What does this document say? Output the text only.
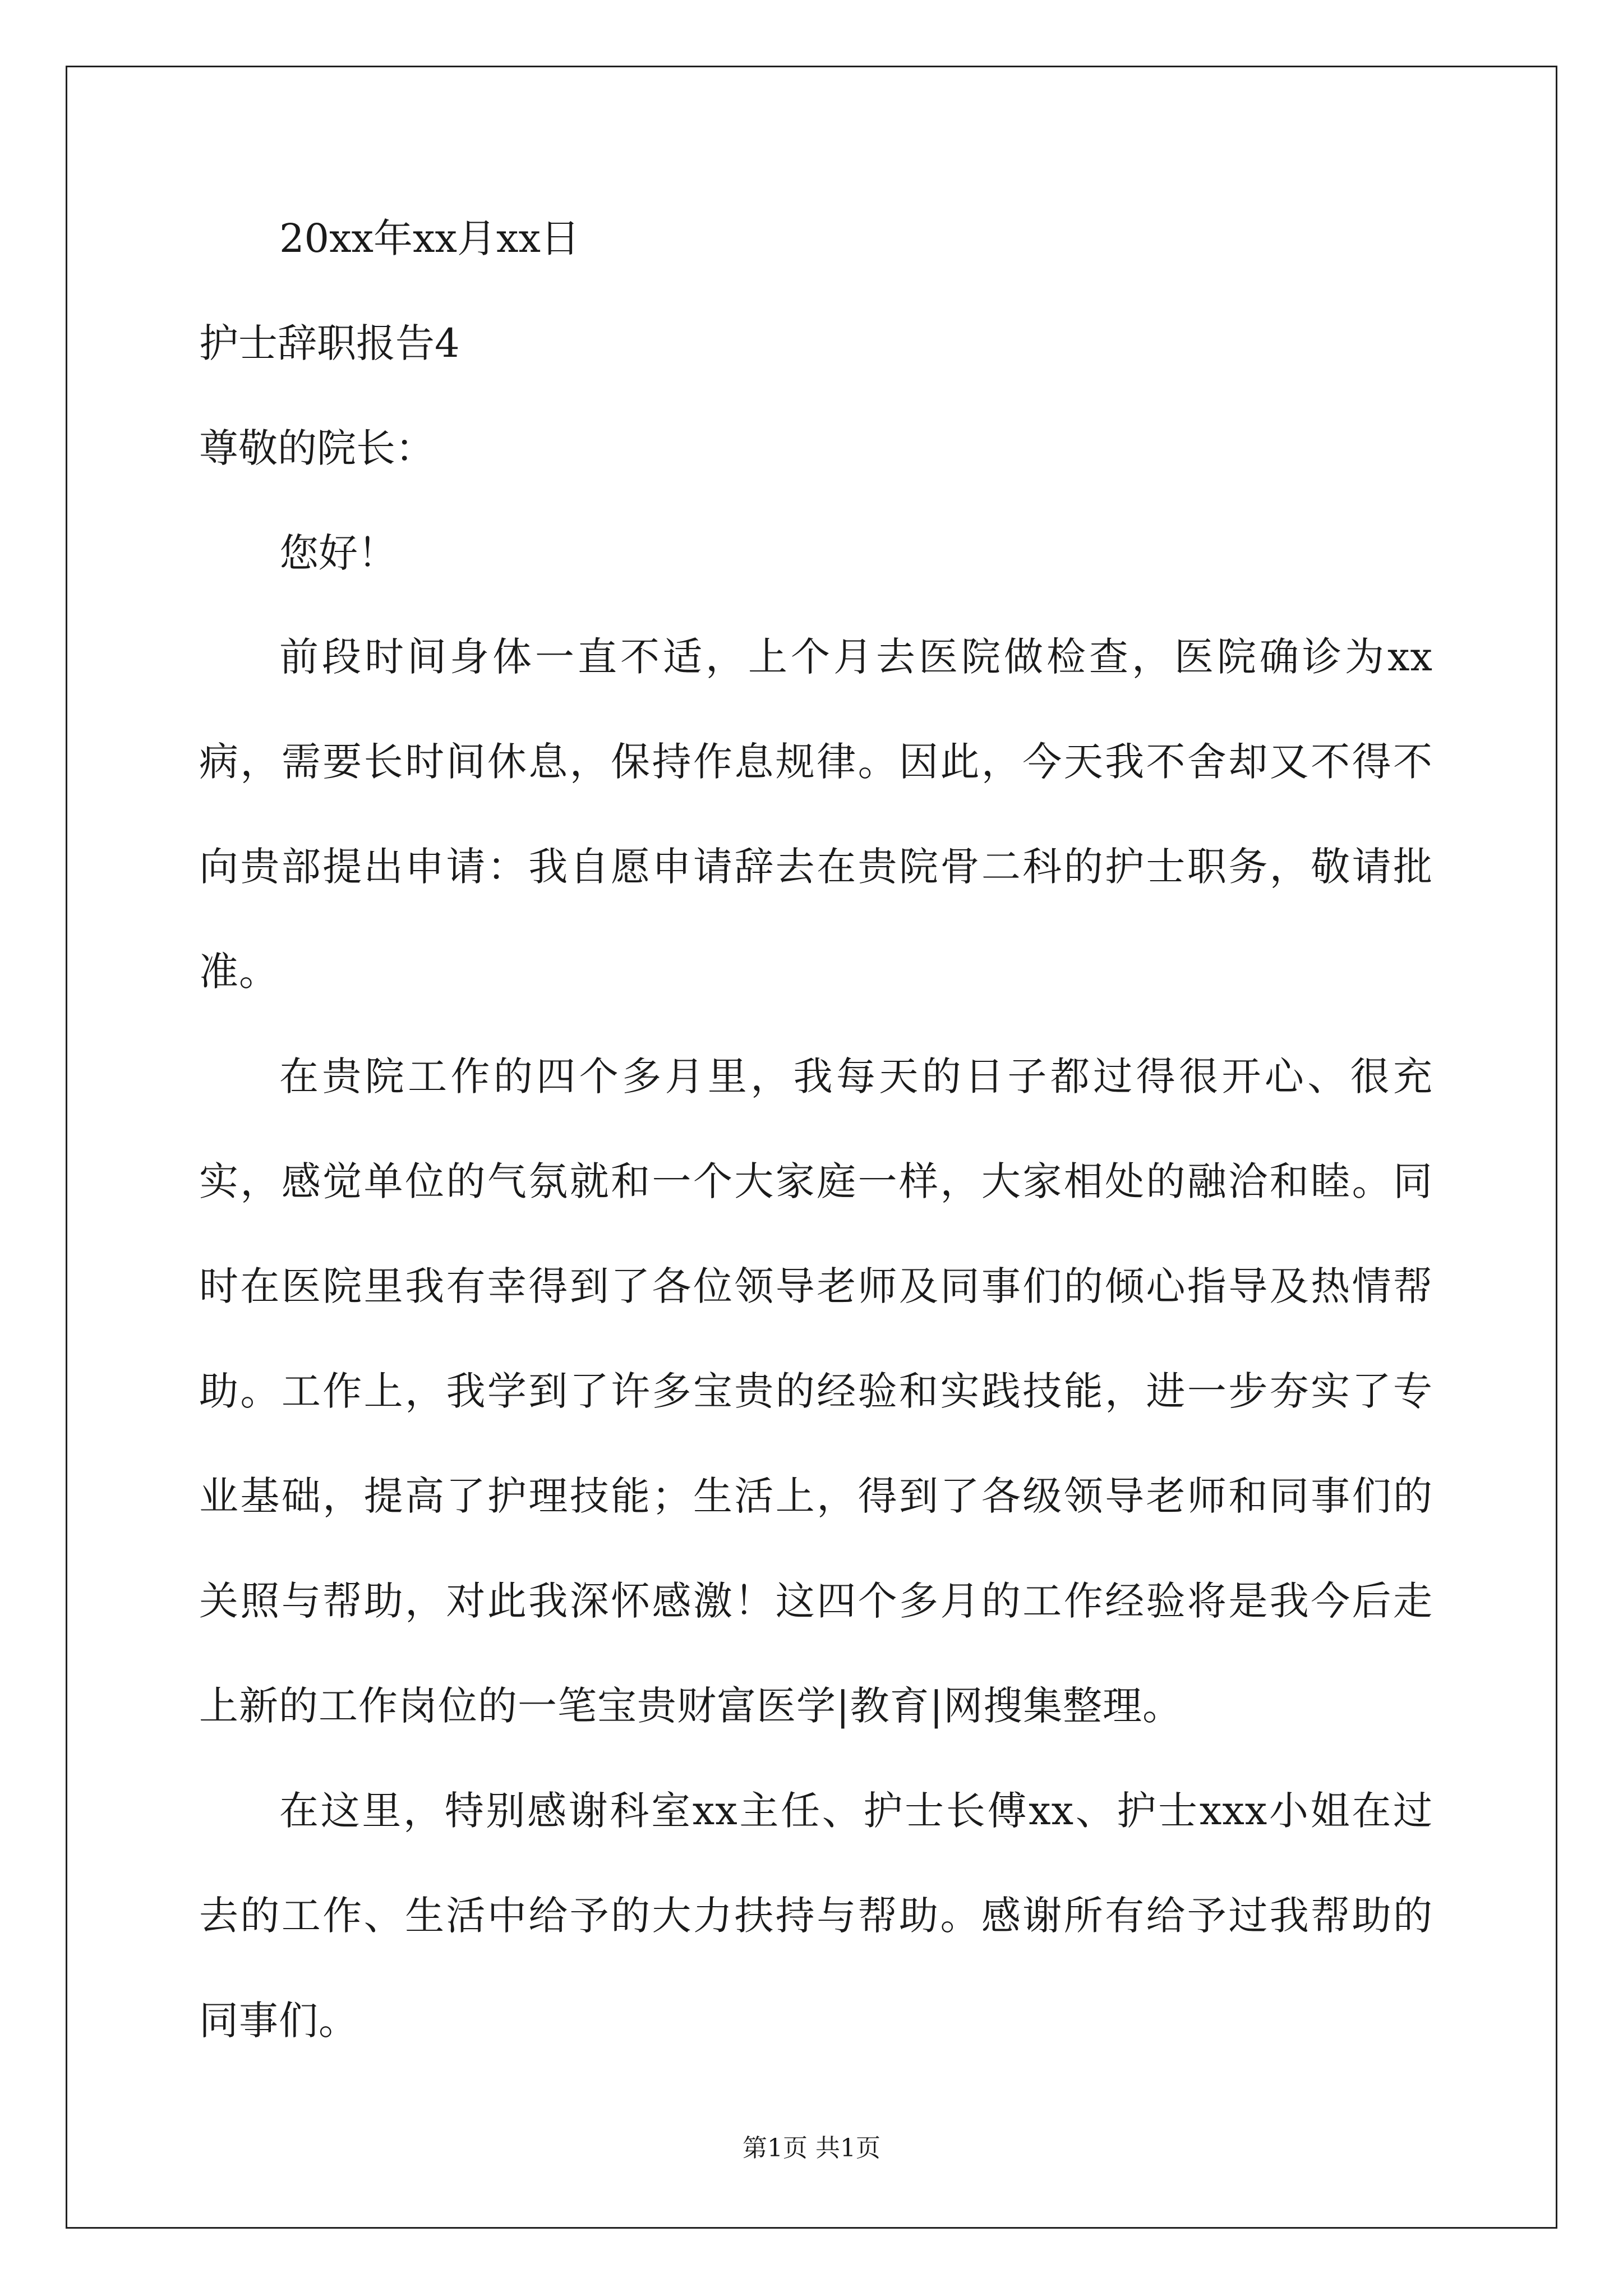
20xx年xx月xx日

护士辞职报告4

尊敬的院长：

您好！

前段时间身体一直不适，上个月去医院做检查，医院确诊为xx病，需要长时间休息，保持作息规律。因此，今天我不舍却又不得不向贵部提出申请：我自愿申请辞去在贵院骨二科的护士职务，敬请批准。

在贵院工作的四个多月里，我每天的日子都过得很开心、很充实，感觉单位的气氛就和一个大家庭一样，大家相处的融洽和睦。同时在医院里我有幸得到了各位领导老师及同事们的倾心指导及热情帮助。工作上，我学到了许多宝贵的经验和实践技能，进一步夯实了专业基础，提高了护理技能；生活上，得到了各级领导老师和同事们的关照与帮助，对此我深怀感激！这四个多月的工作经验将是我今后走上新的工作岗位的一笔宝贵财富医学|教育|网搜集整理。

在这里，特别感谢科室xx主任、护士长傅xx、护士xxx小姐在过去的工作、生活中给予的大力扶持与帮助。感谢所有给予过我帮助的同事们。

第1页 共1页
